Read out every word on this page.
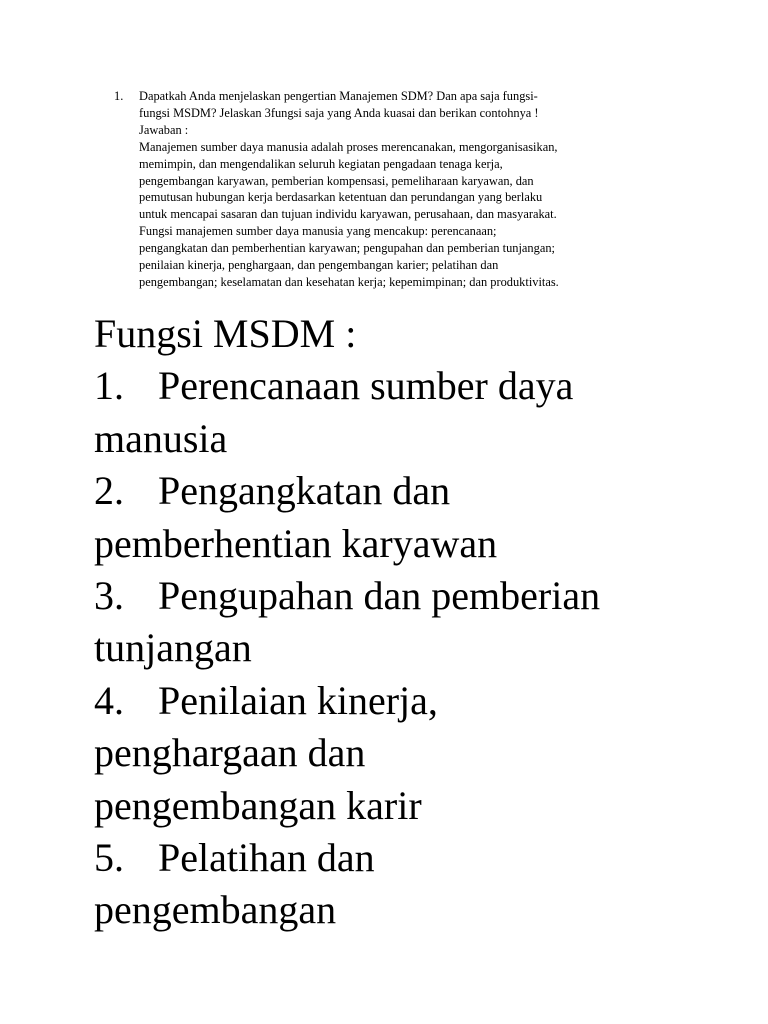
1.	Dapatkah Anda menjelaskan pengertian Manajemen SDM? Dan apa saja fungsi-
fungsi MSDM? Jelaskan 3fungsi saja yang Anda kuasai dan berikan contohnya !
Jawaban :
Manajemen sumber daya manusia adalah proses merencanakan, mengorganisasikan,
memimpin, dan mengendalikan seluruh kegiatan pengadaan tenaga kerja,
pengembangan karyawan, pemberian kompensasi, pemeliharaan karyawan, dan
pemutusan hubungan kerja berdasarkan ketentuan dan perundangan yang berlaku
untuk mencapai sasaran dan tujuan individu karyawan, perusahaan, dan masyarakat.
Fungsi manajemen sumber daya manusia yang mencakup: perencanaan;
pengangkatan dan pemberhentian karyawan; pengupahan dan pemberian tunjangan;
penilaian kinerja, penghargaan, dan pengembangan karier; pelatihan dan
pengembangan; keselamatan dan kesehatan kerja; kepemimpinan; dan produktivitas.
Fungsi MSDM :
1. Perencanaan sumber daya
manusia
2. Pengangkatan dan
pemberhentian karyawan
3. Pengupahan dan pemberian
tunjangan
4. Penilaian kinerja,
penghargaan dan
pengembangan karir
5. Pelatihan dan
pengembangan
